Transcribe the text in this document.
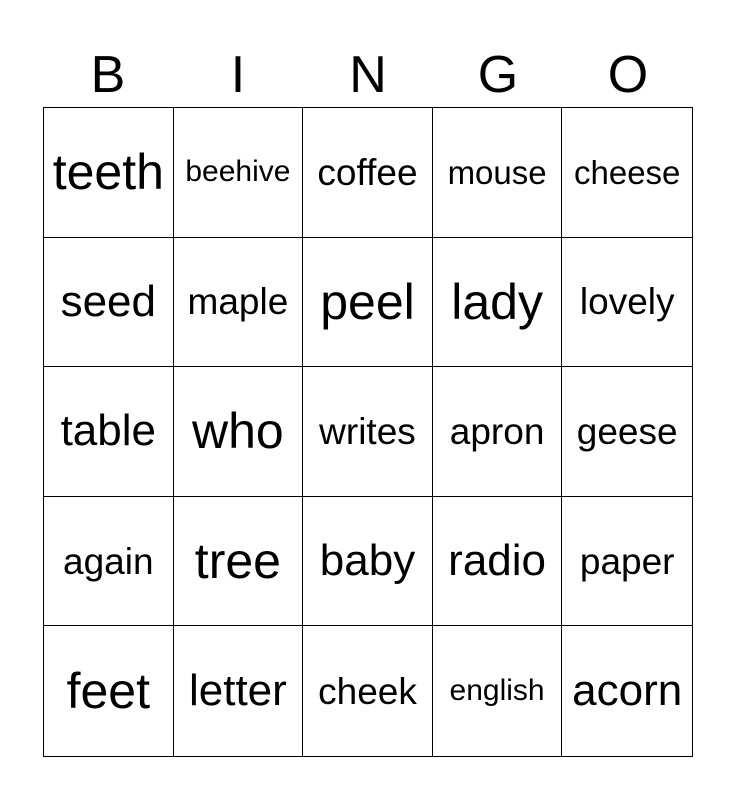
B	I	N	G	O
teeth beehive coffee mouse cheese
seed maple peel lady lovely
table who writes apron geese
again tree baby radio paper
feet letter cheek english acorn
